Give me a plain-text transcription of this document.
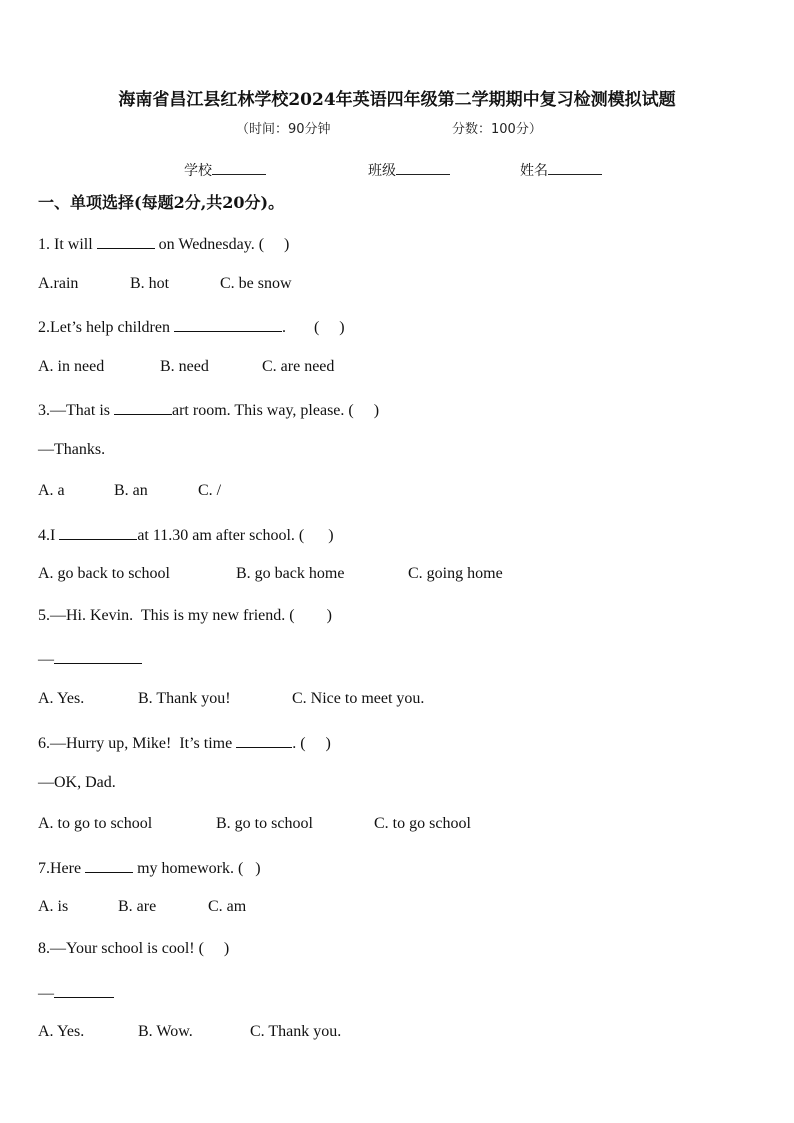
海南省昌江县红林学校2024年英语四年级第二学期期中复习检测模拟试题
（时间：90分钟	分数：100分）
学校	班级	姓名
一、单项选择(每题2分,共20分)。
1. It will	on Wednesday. (     )
A.rain	B. hot	C. be snow
2.Let’s help children	.       (     )
A. in need	B. need	C. are need
3.—That is	art room. This way, please. (     )
—Thanks.
A. a	B. an	C. /
4.I	at 11.30 am after school. (      )
A. go back to school	B. go back home	C. going home
5.—Hi. Kevin.  This is my new friend. (        )
—
A. Yes.	B. Thank you!	C. Nice to meet you.
6.—Hurry up, Mike!  It’s time	. (     )
—OK, Dad.
A. to go to school	B. go to school	C. to go school
7.Here	my homework. (   )
A. is	B. are	C. am
8.—Your school is cool! (     )
—
A. Yes.	B. Wow.	C. Thank you.
